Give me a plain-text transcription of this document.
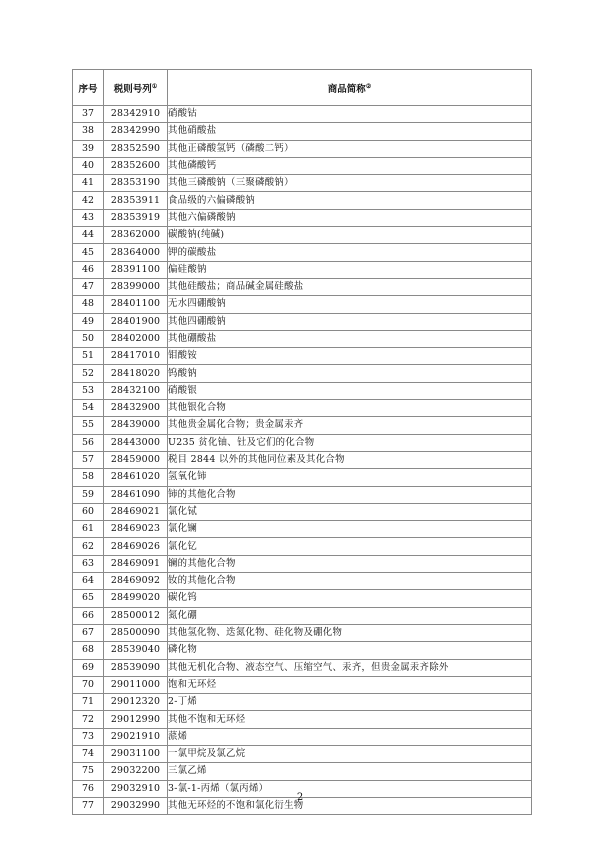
序号	税则号列①	商品简称②
37	28342910	硝酸钴
38	28342990	其他硝酸盐
39	28352590	其他正磷酸氢钙（磷酸二钙）
40	28352600	其他磷酸钙
41	28353190	其他三磷酸钠（三聚磷酸钠）
42	28353911	食品级的六偏磷酸钠
43	28353919	其他六偏磷酸钠
44	28362000	碳酸钠(纯碱)
45	28364000	钾的碳酸盐
46	28391100	偏硅酸钠
47	28399000	其他硅酸盐；商品碱金属硅酸盐
48	28401100	无水四硼酸钠
49	28401900	其他四硼酸钠
50	28402000	其他硼酸盐
51	28417010	钼酸铵
52	28418020	钨酸钠
53	28432100	硝酸银
54	28432900	其他银化合物
55	28439000	其他贵金属化合物；贵金属汞齐
56	28443000	U235 贫化铀、钍及它们的化合物
57	28459000	税目 2844 以外的其他同位素及其化合物
58	28461020	氢氧化铈
59	28461090	铈的其他化合物
60	28469021	氯化铽
61	28469023	氯化镧
62	28469026	氯化钇
63	28469091	镧的其他化合物
64	28469092	钕的其他化合物
65	28499020	碳化钨
66	28500012	氮化硼
67	28500090	其他氢化物、迭氮化物、硅化物及硼化物
68	28539040	磷化物
69	28539090	其他无机化合物、液态空气、压缩空气、汞齐，但贵金属汞齐除外
70	29011000	饱和无环烃
71	29012320	2-丁烯
72	29012990	其他不饱和无环烃
73	29021910	蒎烯
74	29031100	一氯甲烷及氯乙烷
75	29032200	三氯乙烯
76	29032910	3-氯-1-丙烯（氯丙烯）
77	29032990	其他无环烃的不饱和氯化衍生物
2
